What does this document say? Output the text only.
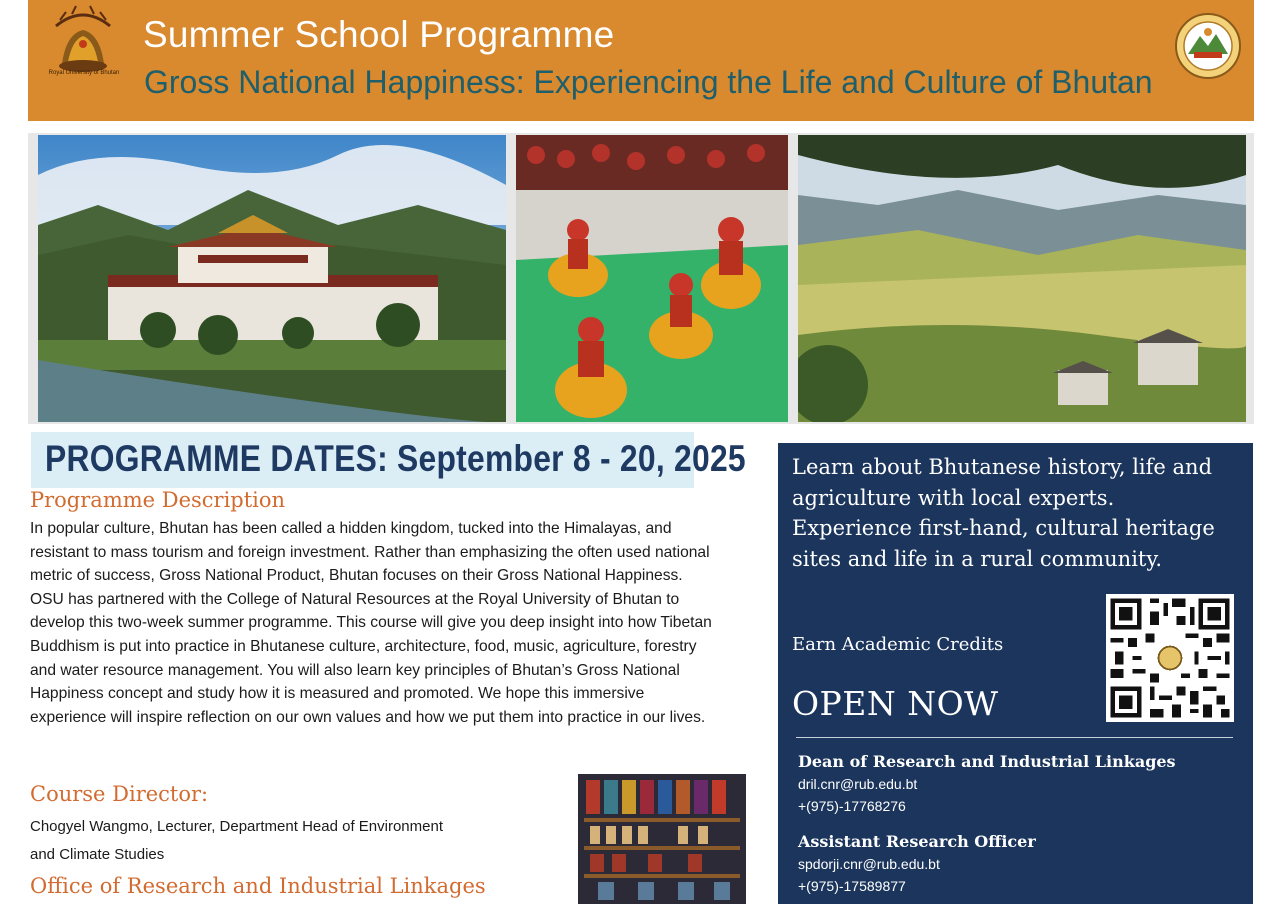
Royal University of Bhutan
Summer School Programme
Gross National Happiness: Experiencing the Life and Culture of Bhutan
PROGRAMME DATES: September 8 - 20, 2025
Programme Description
In popular culture, Bhutan has been called a hidden kingdom, tucked into the Himalayas, and resistant to mass tourism and foreign investment. Rather than emphasizing the often used national metric of success, Gross National Product, Bhutan focuses on their Gross National Happiness. OSU has partnered with the College of Natural Resources at the Royal University of Bhutan to develop this two-week summer programme. This course will give you deep insight into how Tibetan Buddhism is put into practice in Bhutanese culture, architecture, food, music, agriculture, forestry and water resource management. You will also learn key principles of Bhutan’s Gross National Happiness concept and study how it is measured and promoted. We hope this immersive experience will inspire reflection on our own values and how we put them into practice in our lives.
Course Director:
Chogyel Wangmo, Lecturer, Department Head of Environment
and Climate Studies
Office of Research and Industrial Linkages
Learn about Bhutanese history, life and agriculture with local experts. Experience first-hand, cultural heritage sites and life in a rural community.
Earn Academic Credits
OPEN NOW
Dean of Research and Industrial Linkages
dril.cnr@rub.edu.bt
+(975)-17768276
Assistant Research Officer
spdorji.cnr@rub.edu.bt
+(975)-17589877
